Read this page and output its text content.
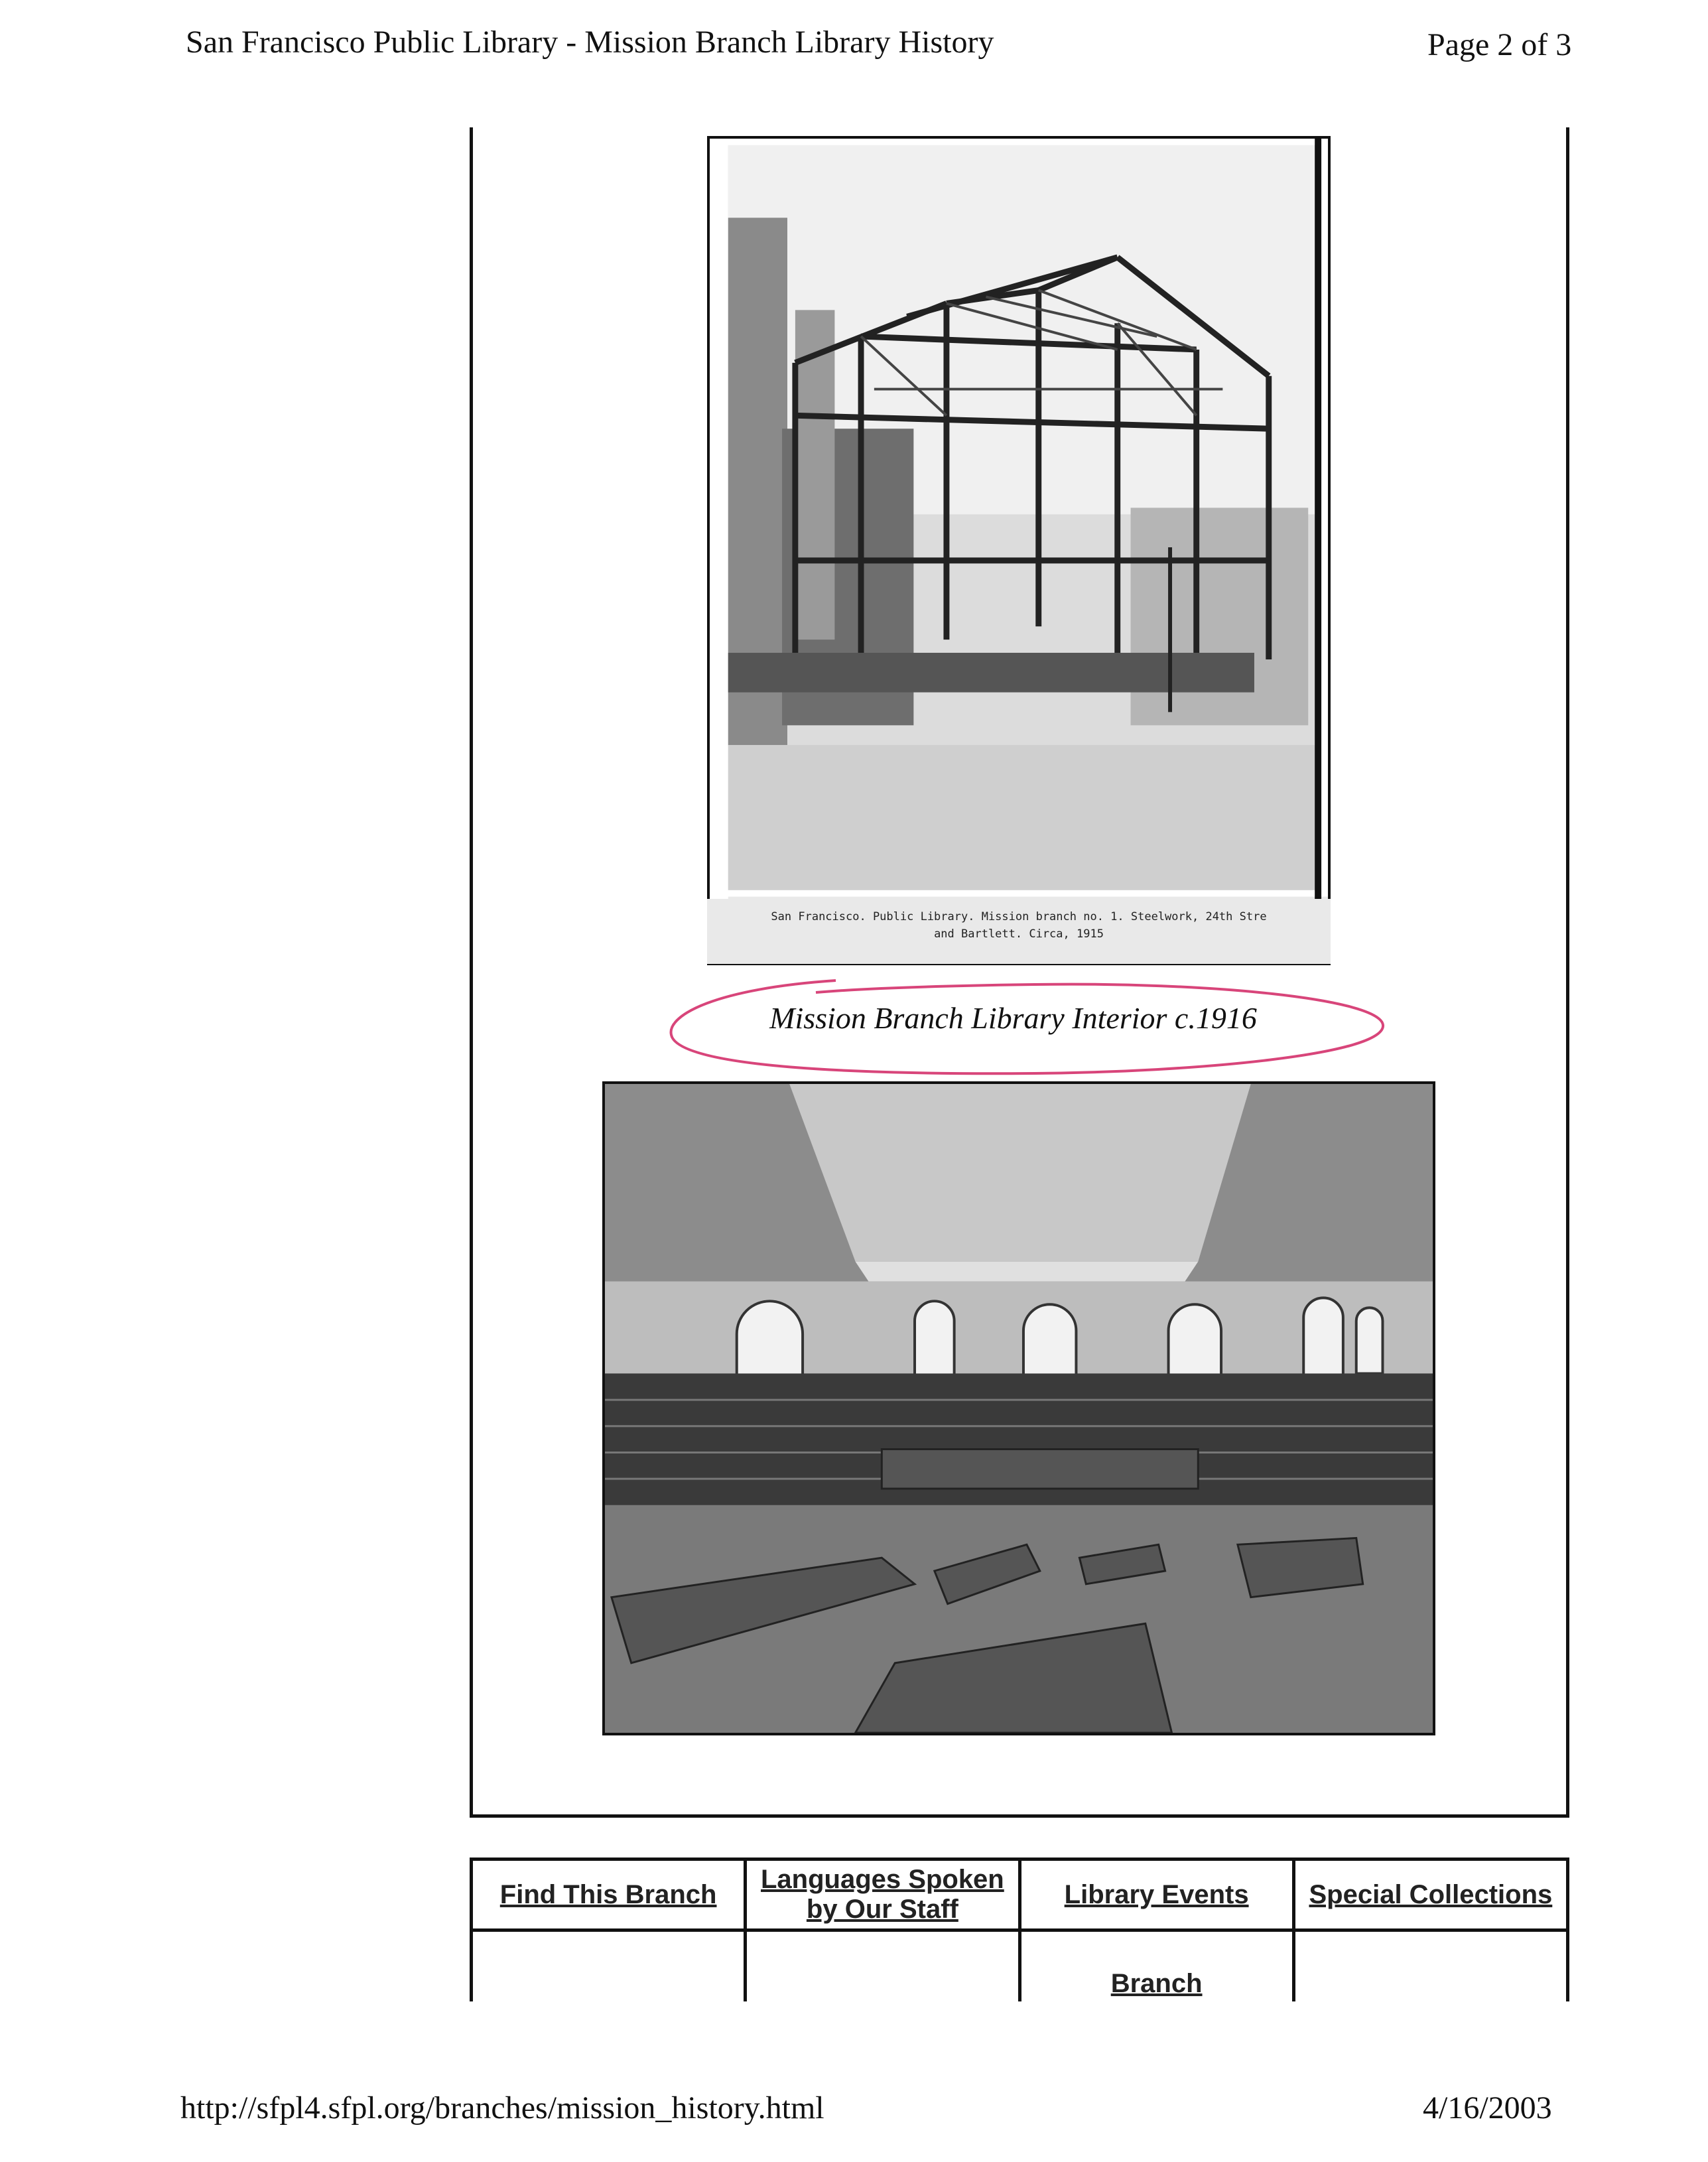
San Francisco Public Library - Mission Branch Library History	Page 2 of 3
San Francisco. Public Library. Mission branch no. 1. Steelwork, 24th Stre
and Bartlett. Circa, 1915
Mission Branch Library Interior c.1916
Find This Branch	Languages Spoken by Our Staff	Library Events	Special Collections
		Branch	
http://sfpl4.sfpl.org/branches/mission_history.html	4/16/2003
